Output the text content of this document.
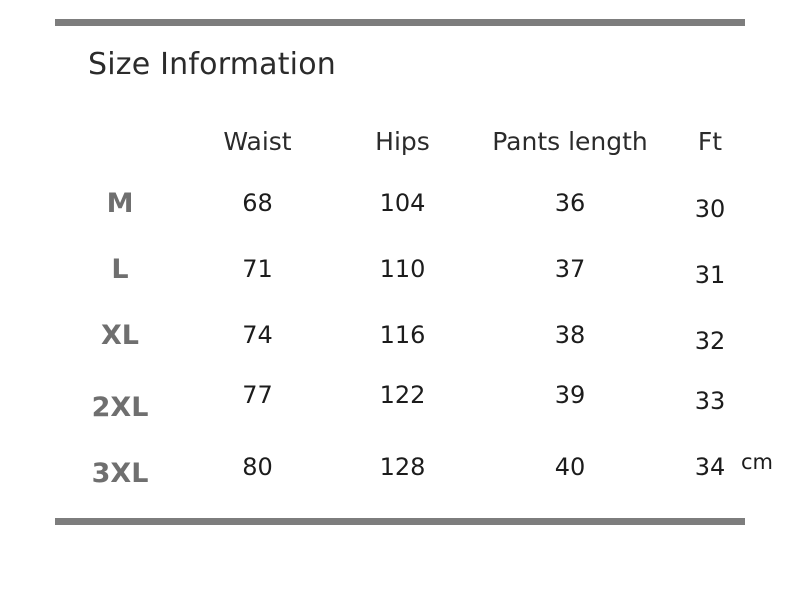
Size Information
	Waist	Hips	Pants length	Ft
M	68	104	36	30
L	71	110	37	31
XL	74	116	38	32
2XL	77	122	39	33
3XL	80	128	40	34 cm
